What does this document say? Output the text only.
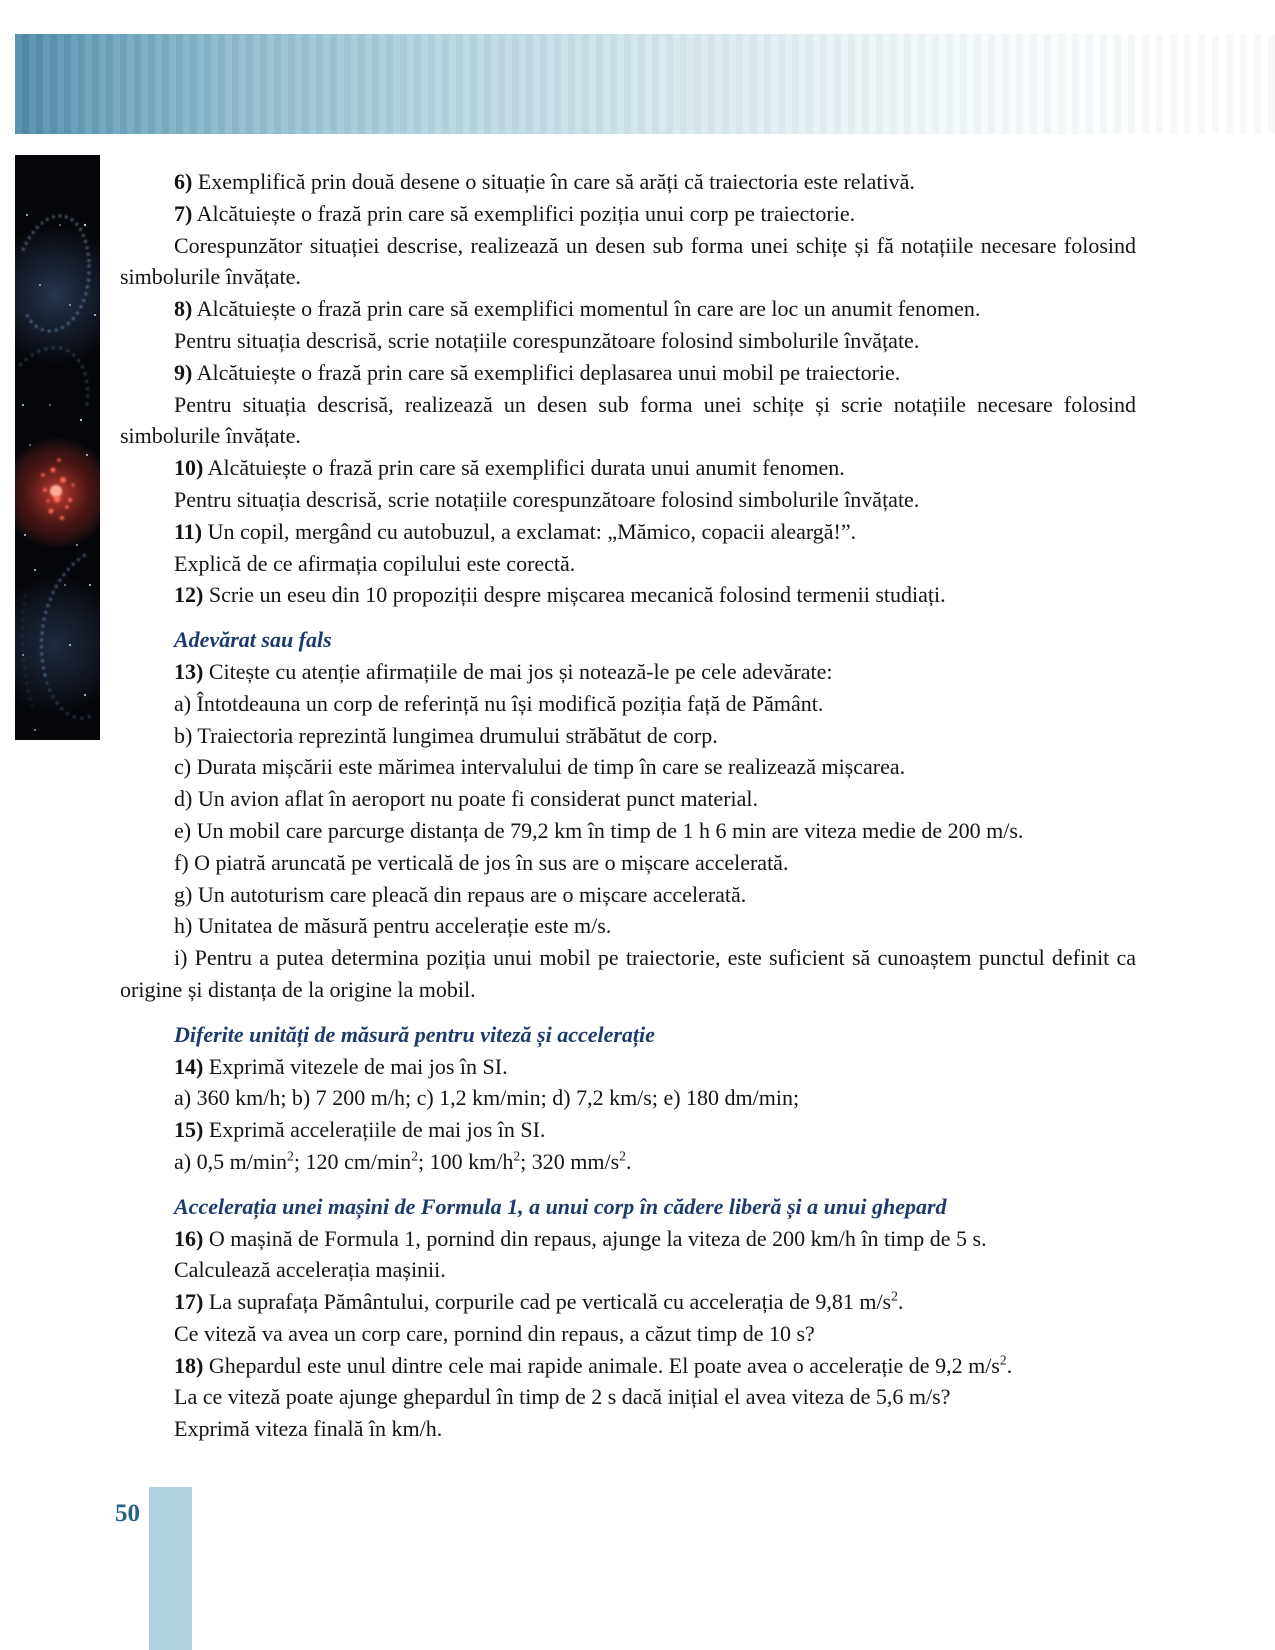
6) Exemplifică prin două desene o situație în care să arăți că traiectoria este relativă.

7) Alcătuiește o frază prin care să exemplifici poziția unui corp pe traiectorie.

Corespunzător situației descrise, realizează un desen sub forma unei schițe și fă notațiile necesare folosind simbolurile învățate.

8) Alcătuiește o frază prin care să exemplifici momentul în care are loc un anumit fenomen.

Pentru situația descrisă, scrie notațiile corespunzătoare folosind simbolurile învățate.

9) Alcătuiește o frază prin care să exemplifici deplasarea unui mobil pe traiectorie.

Pentru situația descrisă, realizează un desen sub forma unei schițe și scrie notațiile necesare folosind simbolurile învățate.

10) Alcătuiește o frază prin care să exemplifici durata unui anumit fenomen.

Pentru situația descrisă, scrie notațiile corespunzătoare folosind simbolurile învățate.

11) Un copil, mergând cu autobuzul, a exclamat: „Mămico, copacii aleargă!”.

Explică de ce afirmația copilului este corectă.

12) Scrie un eseu din 10 propoziții despre mișcarea mecanică folosind termenii studiați.

Adevărat sau fals

13) Citește cu atenție afirmațiile de mai jos și notează-le pe cele adevărate:

a) Întotdeauna un corp de referință nu își modifică poziția față de Pământ.

b) Traiectoria reprezintă lungimea drumului străbătut de corp.

c) Durata mișcării este mărimea intervalului de timp în care se realizează mișcarea.

d) Un avion aflat în aeroport nu poate fi considerat punct material.

e) Un mobil care parcurge distanța de 79,2 km în timp de 1 h 6 min are viteza medie de 200 m/s.

f) O piatră aruncată pe verticală de jos în sus are o mișcare accelerată.

g) Un autoturism care pleacă din repaus are o mișcare accelerată.

h) Unitatea de măsură pentru accelerație este m/s.

i) Pentru a putea determina poziția unui mobil pe traiectorie, este suficient să cunoaștem punctul definit ca origine și distanța de la origine la mobil.

Diferite unități de măsură pentru viteză și accelerație

14) Exprimă vitezele de mai jos în SI.

a) 360 km/h; b) 7 200 m/h; c) 1,2 km/min; d) 7,2 km/s; e) 180 dm/min;

15) Exprimă accelerațiile de mai jos în SI.

a) 0,5 $m/\min^2$; 120 $cm/\min^2$; 100 $km/h^2$; 320 $mm/s^2$.

Accelerația unei mașini de Formula 1, a unui corp în cădere liberă și a unui ghepard

16) O mașină de Formula 1, pornind din repaus, ajunge la viteza de 200 km/h în timp de 5 s.

Calculează accelerația mașinii.

17) La suprafața Pământului, corpurile cad pe verticală cu accelerația de 9,81 $m/s^2$.

Ce viteză va avea un corp care, pornind din repaus, a căzut timp de 10 s?

18) Ghepardul este unul dintre cele mai rapide animale. El poate avea o accelerație de 9,2 $m/s^2$.

La ce viteză poate ajunge ghepardul în timp de 2 s dacă inițial el avea viteza de 5,6 m/s?

Exprimă viteza finală în km/h.

50
